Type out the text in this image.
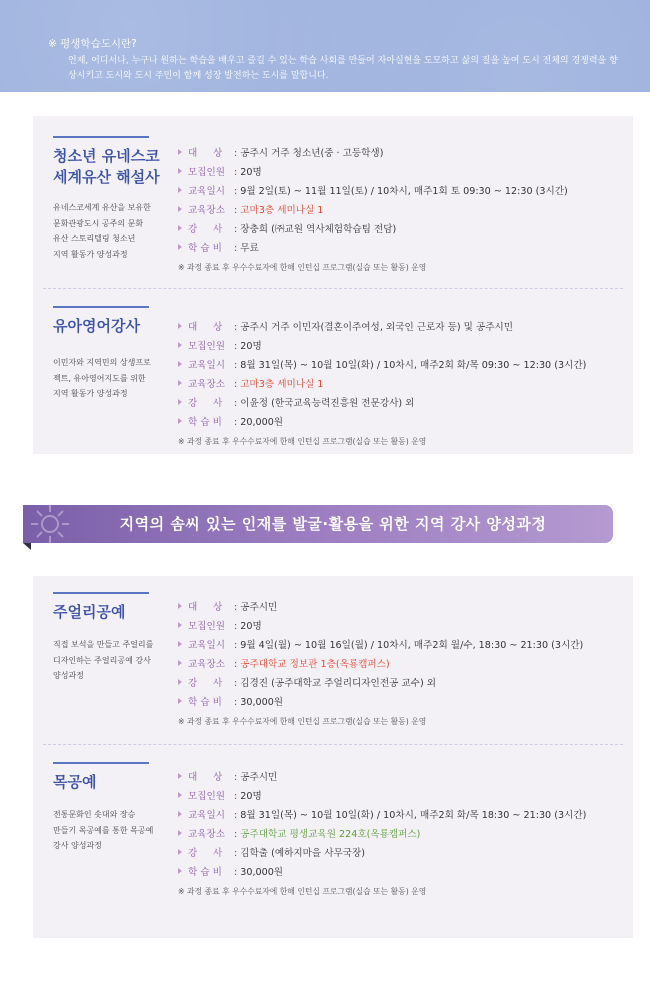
※ 평생학습도시란?
언제, 어디서나, 누구나 원하는 학습을 배우고 즐길 수 있는 학습 사회를 만들어 자아실현을 도모하고 삶의 질을 높여 도시 전체의 경쟁력을 향상시키고 도시와 도시 주민이 함께 성장 발전하는 도시를 말합니다.
청소년 유네스코
세계유산 해설사
유네스코세계 유산을 보유한
문화관광도시 공주의 문화
유산 스토리텔링 청소년
지역 활동가 양성과정
대 　 상 : 공주시 거주 청소년(중 · 고등학생)
모집인원 : 20명
교육일시 : 9월 2일(토) ~ 11월 11일(토) / 10차시, 매주1회 토 09:30 ~ 12:30 (3시간)
교육장소 : 고마3층 세미나실 1
강 　 사 : 장충희 (㈜교원 역사체험학습팀 전담)
학 습 비 : 무료
※ 과정 종료 후 우수수료자에 한해 인턴십 프로그램(실습 또는 활동) 운영
유아영어강사
이민자와 지역민의 상생프로
젝트, 유아영어지도를 위한
지역 활동가 양성과정
대 　 상 : 공주시 거주 이민자(결혼이주여성, 외국인 근로자 등) 및 공주시민
모집인원 : 20명
교육일시 : 8월 31일(목) ~ 10월 10일(화) / 10차시, 매주2회 화/목 09:30 ~ 12:30 (3시간)
교육장소 : 고마3층 세미나실 1
강 　 사 : 이윤정 (한국교육능력진흥원 전문강사) 외
학 습 비 : 20,000원
※ 과정 종료 후 우수수료자에 한해 인턴십 프로그램(실습 또는 활동) 운영
지역의 솜씨 있는 인재를 발굴·활용을 위한 지역 강사 양성과정
주얼리공예
직접 보석을 만들고 주얼리를
디자인하는 주얼리공예 강사
양성과정
대 　 상 : 공주시민
모집인원 : 20명
교육일시 : 9월 4일(월) ~ 10월 16일(월) / 10차시, 매주2회 월/수, 18:30 ~ 21:30 (3시간)
교육장소 : 공주대학교 정보관 1층(옥룡캠퍼스)
강 　 사 : 김경진 (공주대학교 주얼리디자인전공 교수) 외
학 습 비 : 30,000원
※ 과정 종료 후 우수수료자에 한해 인턴십 프로그램(실습 또는 활동) 운영
목공예
전통문화인 솟대와 장승
만들기 목공예를 통한 목공예
강사 양성과정
대 　 상 : 공주시민
모집인원 : 20명
교육일시 : 8월 31일(목) ~ 10월 10일(화) / 10차시, 매주2회 화/목 18:30 ~ 21:30 (3시간)
교육장소 : 공주대학교 평생교육원 224호(옥룡캠퍼스)
강 　 사 : 김학출 (예하지마을 사무국장)
학 습 비 : 30,000원
※ 과정 종료 후 우수수료자에 한해 인턴십 프로그램(실습 또는 활동) 운영
